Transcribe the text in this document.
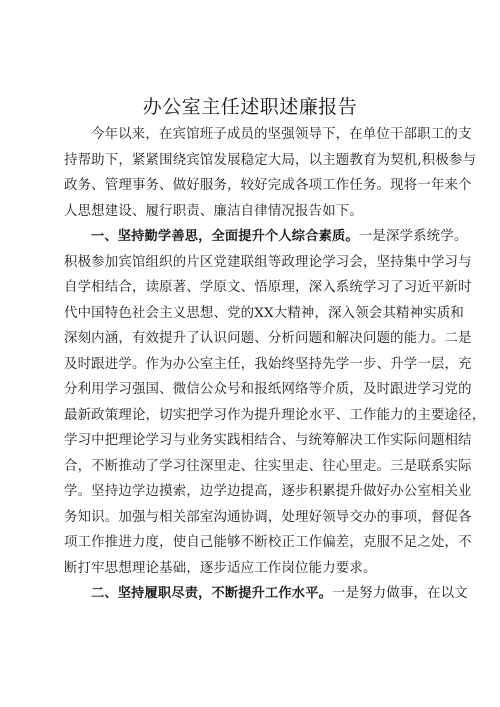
办公室主任述职述廉报告
今年以来，在宾馆班子成员的坚强领导下，在单位干部职工的支
持帮助下，紧紧围绕宾馆发展稳定大局，以主题教育为契机,积极参与
政务、管理事务、做好服务，较好完成各项工作任务。现将一年来个
人思想建设、履行职责、廉洁自律情况报告如下。
一、坚持勤学善思，全面提升个人综合素质。一是深学系统学。
积极参加宾馆组织的片区党建联组等政理论学习会，坚持集中学习与
自学相结合，读原著、学原文、悟原理，深入系统学习了习近平新时
代中国特色社会主义思想、党的XX大精神，深入领会其精神实质和
深刻内涵，有效提升了认识问题、分析问题和解决问题的能力。二是
及时跟进学。作为办公室主任，我始终坚持先学一步、升学一层，充
分利用学习强国、微信公众号和报纸网络等介质，及时跟进学习党的
最新政策理论，切实把学习作为提升理论水平、工作能力的主要途径，
学习中把理论学习与业务实践相结合、与统筹解决工作实际问题相结
合，不断推动了学习往深里走、往实里走、往心里走。三是联系实际
学。坚持边学边摸索，边学边提高，逐步积累提升做好办公室相关业
务知识。加强与相关部室沟通协调，处理好领导交办的事项，督促各
项工作推进力度，使自己能够不断校正工作偏差，克服不足之处，不
断打牢思想理论基础，逐步适应工作岗位能力要求。
二、坚持履职尽责，不断提升工作水平。一是努力做事，在以文
